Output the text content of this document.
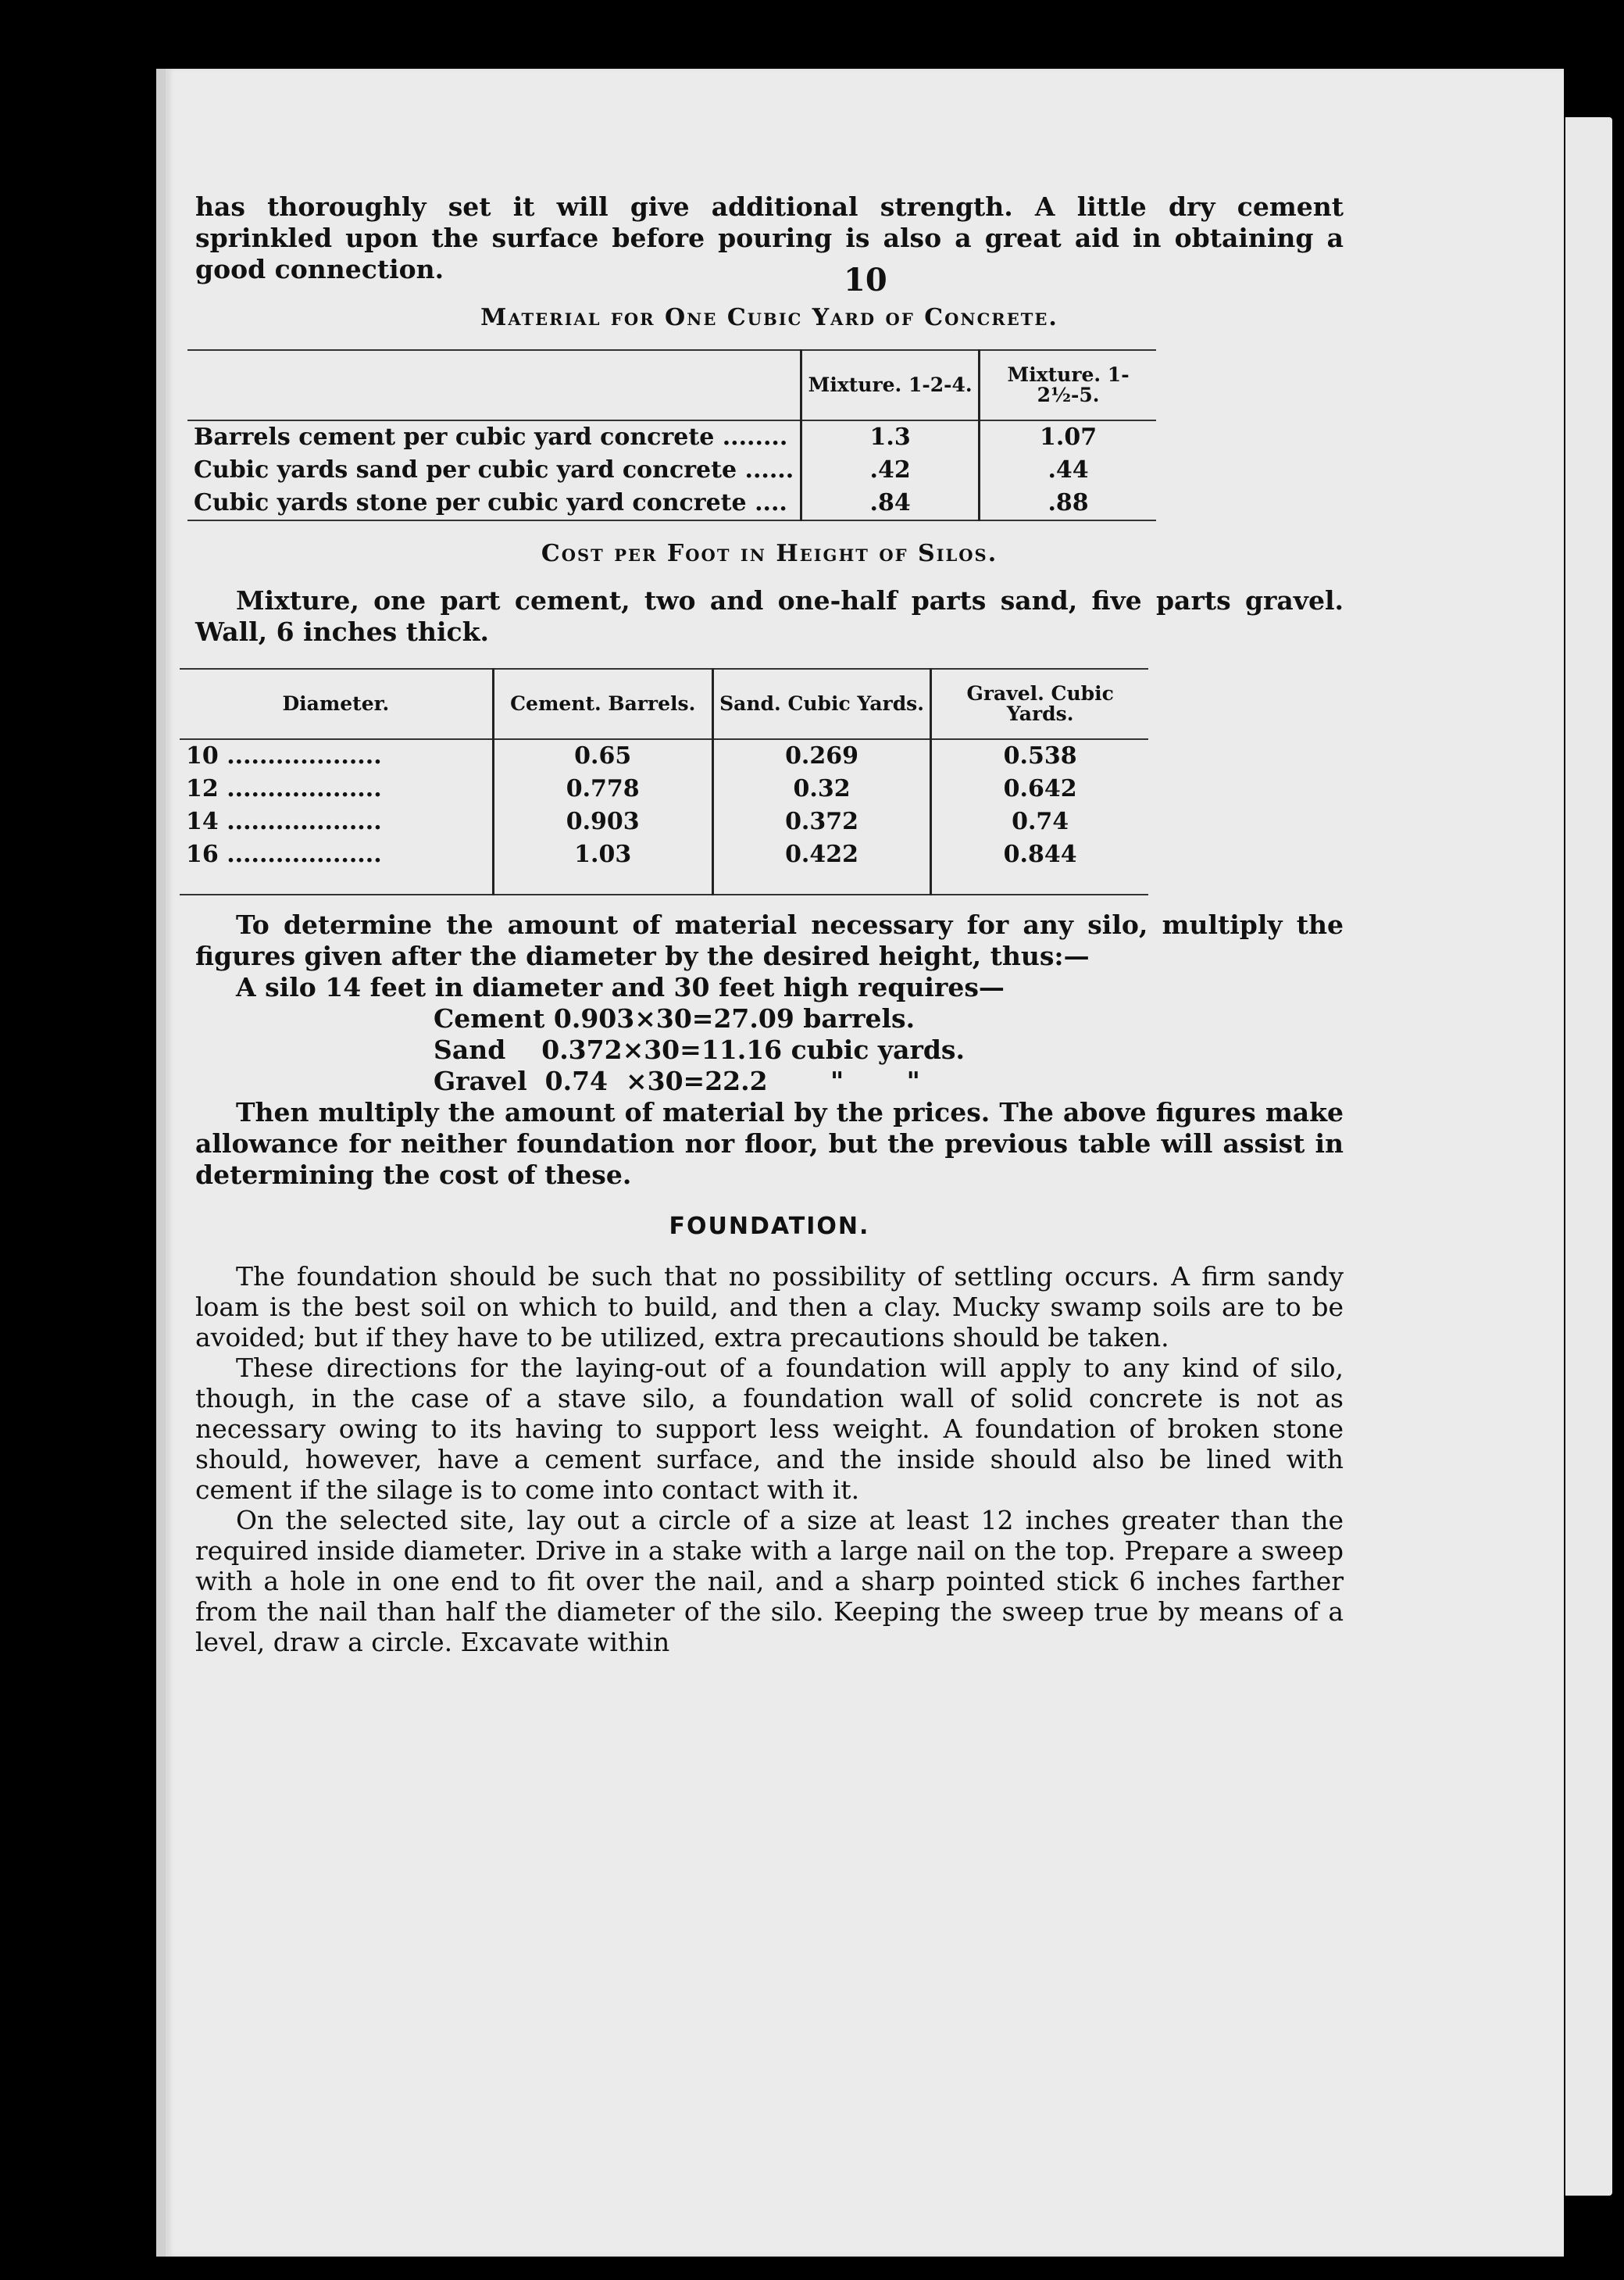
10

has thoroughly set it will give additional strength. A little dry cement sprinkled upon the surface before pouring is also a great aid in obtaining a good connection.

Material for One Cubic Yard of Concrete.
	Mixture. 1-2-4.	Mixture. 1-2½-5.
Barrels cement per cubic yard concrete ........	1.3	1.07
Cubic yards sand per cubic yard concrete ......	.42	.44
Cubic yards stone per cubic yard concrete ....	.84	.88
Cost per Foot in Height of Silos.

Mixture, one part cement, two and one-half parts sand, five parts gravel. Wall, 6 inches thick.

Diameter.	Cement. Barrels.	Sand. Cubic Yards.	Gravel. Cubic Yards.
10 ...................	0.65	0.269	0.538
12 ...................	0.778	0.32	0.642
14 ...................	0.903	0.372	0.74
16 ...................	1.03	0.422	0.844

To determine the amount of material necessary for any silo, multiply the figures given after the diameter by the desired height, thus:—

A silo 14 feet in diameter and 30 feet high requires—

Cement 0.903×30=27.09 barrels.
Sand    0.372×30=11.16 cubic yards.
Gravel  0.74  ×30=22.2       "       "

Then multiply the amount of material by the prices. The above figures make allowance for neither foundation nor floor, but the previous table will assist in determining the cost of these.

FOUNDATION.

The foundation should be such that no possibility of settling occurs. A firm sandy loam is the best soil on which to build, and then a clay. Mucky swamp soils are to be avoided; but if they have to be utilized, extra precautions should be taken.

These directions for the laying-out of a foundation will apply to any kind of silo, though, in the case of a stave silo, a foundation wall of solid concrete is not as necessary owing to its having to support less weight. A foundation of broken stone should, however, have a cement surface, and the inside should also be lined with cement if the silage is to come into contact with it.

On the selected site, lay out a circle of a size at least 12 inches greater than the required inside diameter. Drive in a stake with a large nail on the top. Prepare a sweep with a hole in one end to fit over the nail, and a sharp pointed stick 6 inches farther from the nail than half the diameter of the silo. Keeping the sweep true by means of a level, draw a circle. Excavate within
